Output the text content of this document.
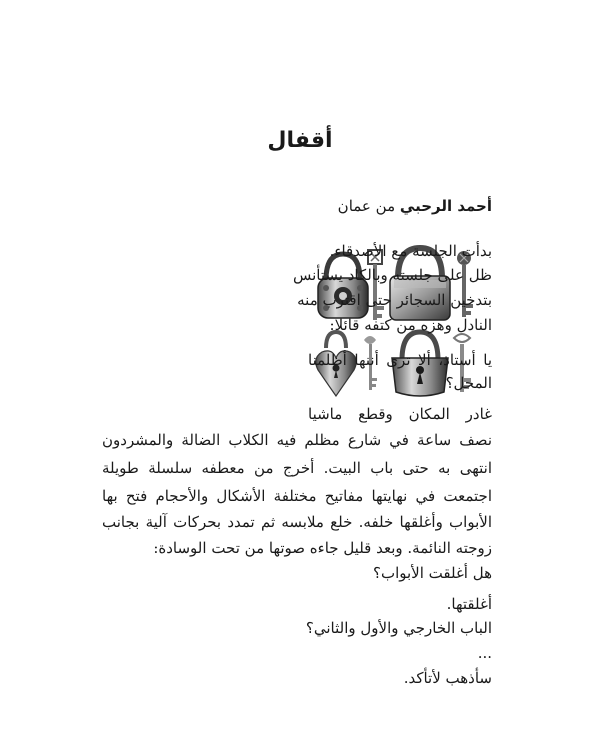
أقفال
أحمد الرحبي من عمان

بدأت الجلسة مع الأصدقاء.

ظل على جلسته وبالكاد يستأنس

بتدخين السجائر حتى اقترب منه

النادل وهزه من كتفه قائلا:

يا أستاذ، ألا ترى أننها أظلمنا

المحل؟

غادر المكان وقطع ماشيا

نصف ساعة في شارع مظلم فيه الكلاب الضالة والمشردون

انتهى به حتى باب البيت. أخرج من معطفه سلسلة طويلة

اجتمعت في نهايتها مفاتيح مختلفة الأشكال والأحجام فتح بها

الأبواب وأغلقها خلفه. خلع ملابسه ثم تمدد بحركات آلية بجانب

زوجته النائمة. وبعد قليل جاءه صوتها من تحت الوسادة:

هل أغلقت الأبواب؟

أغلقتها.

الباب الخارجي والأول والثاني؟

...

سأذهب لأتأكد.
